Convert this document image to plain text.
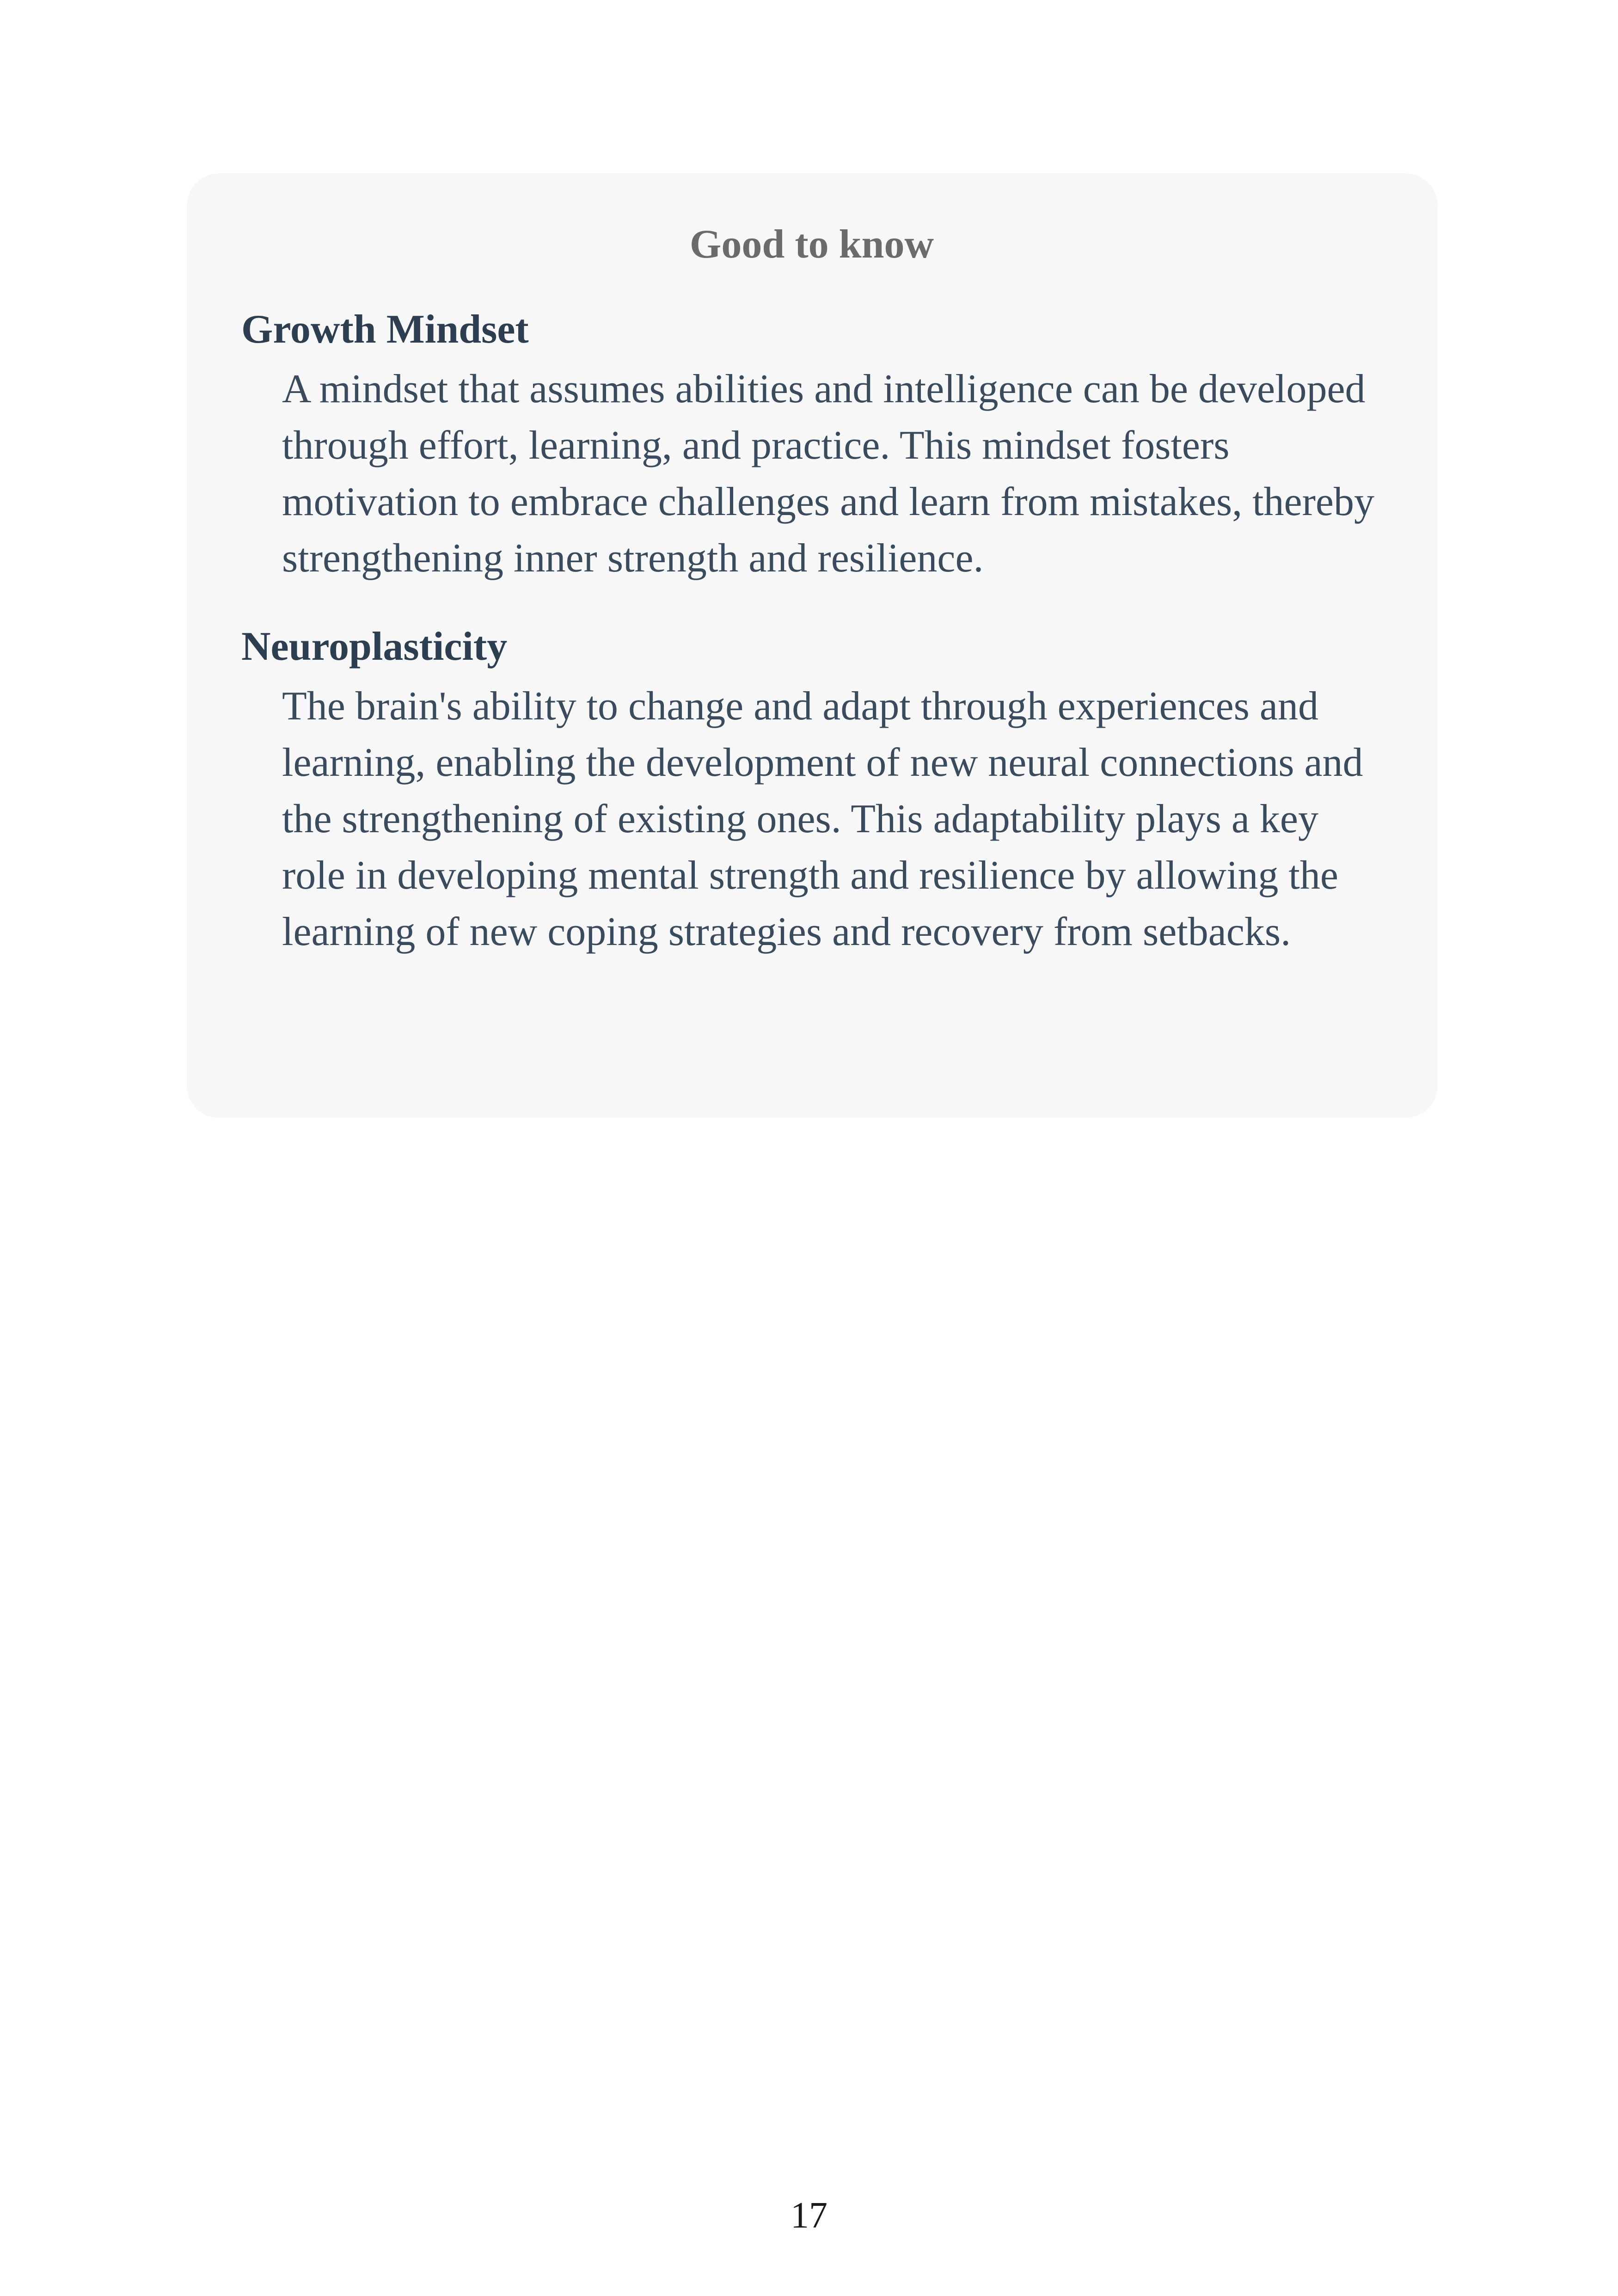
Good to know
Growth Mindset
A mindset that assumes abilities and intelligence can be developed through effort, learning, and practice. This mindset fosters motivation to embrace challenges and learn from mistakes, thereby strengthening inner strength and resilience.
Neuroplasticity
The brain's ability to change and adapt through experiences and learning, enabling the development of new neural connections and the strengthening of existing ones. This adaptability plays a key role in developing mental strength and resilience by allowing the learning of new coping strategies and recovery from setbacks.
17
